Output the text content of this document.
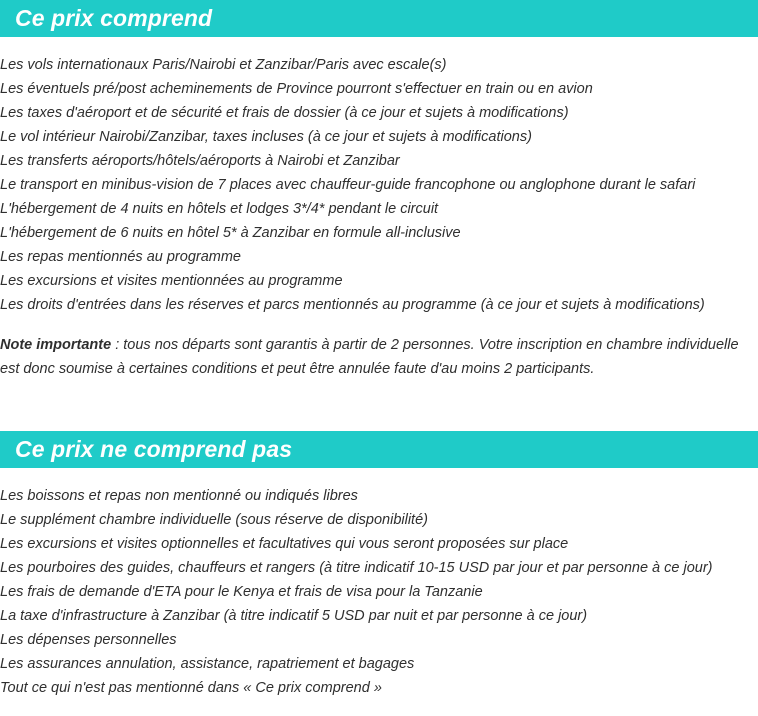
Ce prix comprend
Les vols internationaux Paris/Nairobi et Zanzibar/Paris avec escale(s)
Les éventuels pré/post acheminements de Province pourront s'effectuer en train ou en avion
Les taxes d'aéroport et de sécurité et frais de dossier (à ce jour et sujets à modifications)
Le vol intérieur Nairobi/Zanzibar, taxes incluses (à ce jour et sujets à modifications)
Les transferts aéroports/hôtels/aéroports à Nairobi et Zanzibar
Le transport en minibus-vision de 7 places avec chauffeur-guide francophone ou anglophone durant le safari
L'hébergement de 4 nuits en hôtels et lodges 3*/4* pendant le circuit
L'hébergement de 6 nuits en hôtel 5* à Zanzibar en formule all-inclusive
Les repas mentionnés au programme
Les excursions et visites mentionnées au programme
Les droits d'entrées dans les réserves et parcs mentionnés au programme (à ce jour et sujets à modifications)

Note importante : tous nos départs sont garantis à partir de 2 personnes. Votre inscription en chambre individuelle est donc soumise à certaines conditions et peut être annulée faute d'au moins 2 participants.

Ce prix ne comprend pas
Les boissons et repas non mentionné ou indiqués libres
Le supplément chambre individuelle (sous réserve de disponibilité)
Les excursions et visites optionnelles et facultatives qui vous seront proposées sur place
Les pourboires des guides, chauffeurs et rangers (à titre indicatif 10-15 USD par jour et par personne à ce jour)
Les frais de demande d'ETA pour le Kenya et frais de visa pour la Tanzanie
La taxe d'infrastructure à Zanzibar (à titre indicatif 5 USD par nuit et par personne à ce jour)
Les dépenses personnelles
Les assurances annulation, assistance, rapatriement et bagages
Tout ce qui n'est pas mentionné dans « Ce prix comprend »
